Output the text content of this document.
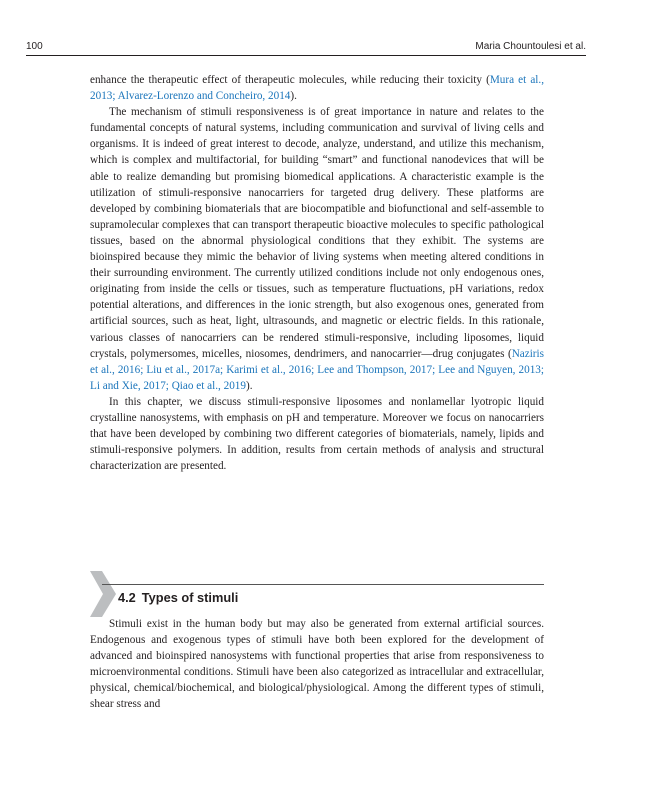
100	Maria Chountoulesi et al.

enhance the therapeutic effect of therapeutic molecules, while reducing their toxicity (Mura et al., 2013; Alvarez-Lorenzo and Concheiro, 2014).

The mechanism of stimuli responsiveness is of great importance in nature and relates to the fundamental concepts of natural systems, including communication and survival of living cells and organisms. It is indeed of great interest to decode, analyze, understand, and utilize this mechanism, which is complex and multifactorial, for building “smart” and functional nanodevices that will be able to realize demanding but promising biomedical applications. A characteristic example is the utilization of stimuli-responsive nanocarriers for targeted drug delivery. These platforms are developed by combining biomaterials that are biocompatible and biofunctional and self-assemble to supramolecular complexes that can transport therapeutic bioactive molecules to specific pathological tissues, based on the abnormal physiological conditions that they exhibit. The systems are bioinspired because they mimic the behavior of living systems when meeting altered conditions in their surrounding environment. The currently utilized conditions include not only endogenous ones, originating from inside the cells or tissues, such as temperature fluctuations, pH variations, redox potential alterations, and differences in the ionic strength, but also exogenous ones, generated from artificial sources, such as heat, light, ultrasounds, and magnetic or electric fields. In this rationale, various classes of nanocarriers can be rendered stimuli-responsive, including liposomes, liquid crystals, polymersomes, micelles, niosomes, dendrimers, and nanocarrier—drug conjugates (Naziris et al., 2016; Liu et al., 2017a; Karimi et al., 2016; Lee and Thompson, 2017; Lee and Nguyen, 2013; Li and Xie, 2017; Qiao et al., 2019).

In this chapter, we discuss stimuli-responsive liposomes and nonlamellar lyotropic liquid crystalline nanosystems, with emphasis on pH and temperature. Moreover we focus on nanocarriers that have been developed by combining two different categories of biomaterials, namely, lipids and stimuli-responsive polymers. In addition, results from certain methods of analysis and structural characterization are presented.

4.2 Types of stimuli

Stimuli exist in the human body but may also be generated from external artificial sources. Endogenous and exogenous types of stimuli have both been explored for the development of advanced and bioinspired nanosystems with functional properties that arise from responsiveness to microenvironmental conditions. Stimuli have been also categorized as intracellular and extracellular, physical, chemical/biochemical, and biological/physiological. Among the different types of stimuli, shear stress and
